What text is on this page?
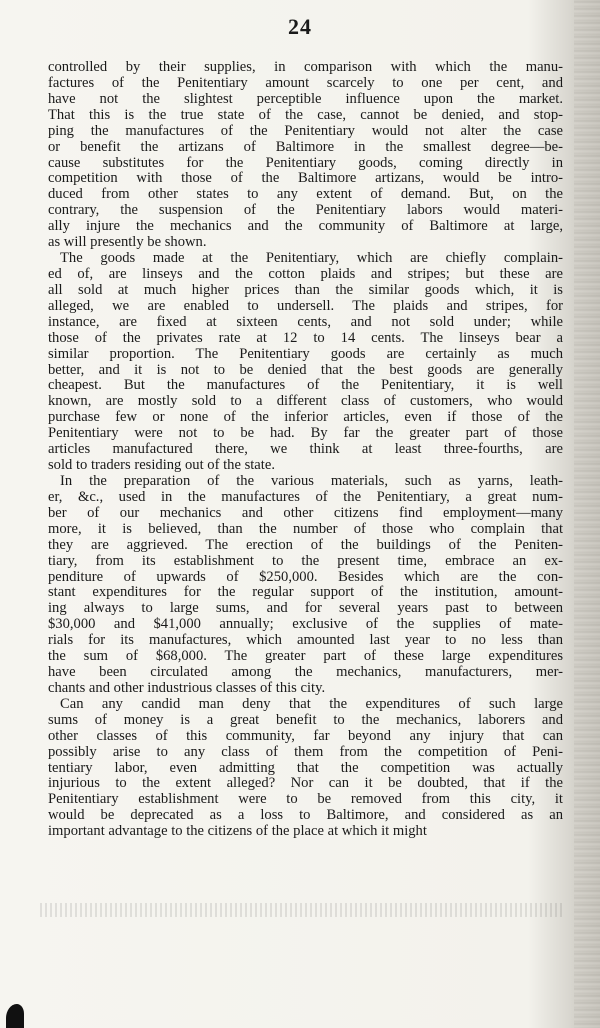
24
controlled by their supplies, in comparison with which the manu-
factures of the Penitentiary amount scarcely to one per cent, and
have not the slightest perceptible influence upon the market.
That this is the true state of the case, cannot be denied, and stop-
ping the manufactures of the Penitentiary would not alter the case
or benefit the artizans of Baltimore in the smallest degree—be-
cause substitutes for the Penitentiary goods, coming directly in
competition with those of the Baltimore artizans, would be intro-
duced from other states to any extent of demand. But, on the
contrary, the suspension of the Penitentiary labors would materi-
ally injure the mechanics and the community of Baltimore at large,
as will presently be shown.
The goods made at the Penitentiary, which are chiefly complain-
ed of, are linseys and the cotton plaids and stripes; but these are
all sold at much higher prices than the similar goods which, it is
alleged, we are enabled to undersell. The plaids and stripes, for
instance, are fixed at sixteen cents, and not sold under; while
those of the privates rate at 12 to 14 cents. The linseys bear a
similar proportion. The Penitentiary goods are certainly as much
better, and it is not to be denied that the best goods are generally
cheapest. But the manufactures of the Penitentiary, it is well
known, are mostly sold to a different class of customers, who would
purchase few or none of the inferior articles, even if those of the
Penitentiary were not to be had. By far the greater part of those
articles manufactured there, we think at least three-fourths, are
sold to traders residing out of the state.
In the preparation of the various materials, such as yarns, leath-
er, &c., used in the manufactures of the Penitentiary, a great num-
ber of our mechanics and other citizens find employment—many
more, it is believed, than the number of those who complain that
they are aggrieved. The erection of the buildings of the Peniten-
tiary, from its establishment to the present time, embrace an ex-
penditure of upwards of $250,000. Besides which are the con-
stant expenditures for the regular support of the institution, amount-
ing always to large sums, and for several years past to between
$30,000 and $41,000 annually; exclusive of the supplies of mate-
rials for its manufactures, which amounted last year to no less than
the sum of $68,000. The greater part of these large expenditures
have been circulated among the mechanics, manufacturers, mer-
chants and other industrious classes of this city.
Can any candid man deny that the expenditures of such large
sums of money is a great benefit to the mechanics, laborers and
other classes of this community, far beyond any injury that can
possibly arise to any class of them from the competition of Peni-
tentiary labor, even admitting that the competition was actually
injurious to the extent alleged? Nor can it be doubted, that if the
Penitentiary establishment were to be removed from this city, it
would be deprecated as a loss to Baltimore, and considered as an
important advantage to the citizens of the place at which it might
